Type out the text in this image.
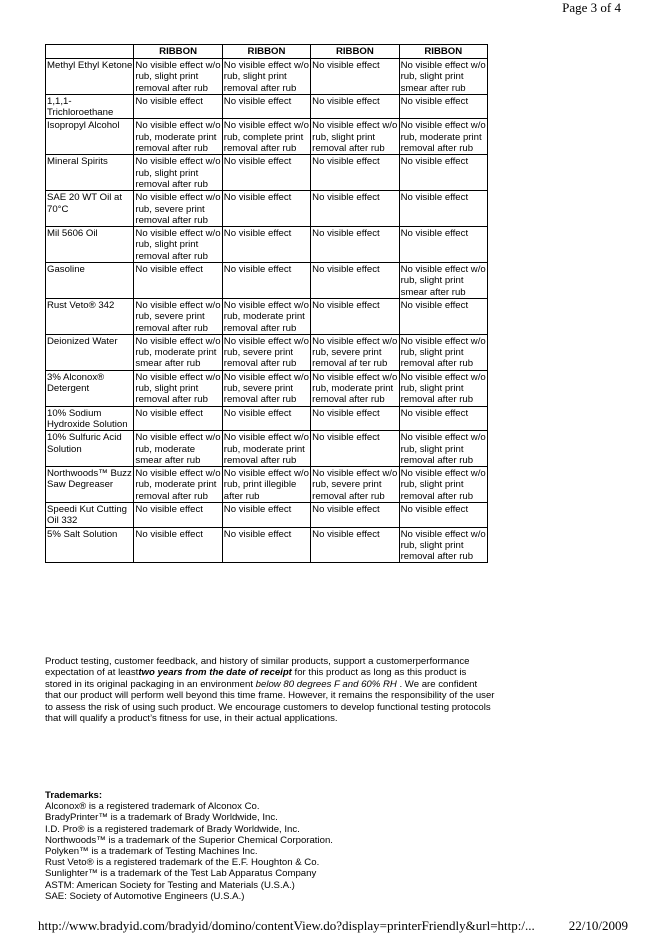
Page 3 of 4
	RIBBON	RIBBON	RIBBON	RIBBON
Methyl Ethyl Ketone	No visible effect w/o rub, slight print removal after rub	No visible effect w/o rub, slight print removal after rub	No visible effect	No visible effect w/o rub, slight print smear after rub
1,1,1-Trichloroethane	No visible effect	No visible effect	No visible effect	No visible effect
Isopropyl Alcohol	No visible effect w/o rub, moderate print removal after rub	No visible effect w/o rub, complete print removal after rub	No visible effect w/o rub, slight print removal after rub	No visible effect w/o rub, moderate print removal after rub
Mineral Spirits	No visible effect w/o rub, slight print removal after rub	No visible effect	No visible effect	No visible effect
SAE 20 WT Oil at 70°C	No visible effect w/o rub, severe print removal after rub	No visible effect	No visible effect	No visible effect
Mil 5606 Oil	No visible effect w/o rub, slight print removal after rub	No visible effect	No visible effect	No visible effect
Gasoline	No visible effect	No visible effect	No visible effect	No visible effect w/o rub, slight print smear after rub
Rust Veto® 342	No visible effect w/o rub, severe print removal after rub	No visible effect w/o rub, moderate print removal after rub	No visible effect	No visible effect
Deionized Water	No visible effect w/o rub, moderate print smear after rub	No visible effect w/o rub, severe print removal after rub	No visible effect w/o rub, severe print removal af ter rub	No visible effect w/o rub, slight print removal after rub
3% Alconox® Detergent	No visible effect w/o rub, slight print removal after rub	No visible effect w/o rub, severe print removal after rub	No visible effect w/o rub, moderate print removal after rub	No visible effect w/o rub, slight print removal after rub
10% Sodium Hydroxide Solution	No visible effect	No visible effect	No visible effect	No visible effect
10% Sulfuric Acid Solution	No visible effect w/o rub, moderate smear after rub	No visible effect w/o rub, moderate print removal after rub	No visible effect	No visible effect w/o rub, slight print removal after rub
Northwoods™ Buzz Saw Degreaser	No visible effect w/o rub, moderate print removal after rub	No visible effect w/o rub, print illegible after rub	No visible effect w/o rub, severe print removal after rub	No visible effect w/o rub, slight print removal after rub
Speedi Kut Cutting Oil 332	No visible effect	No visible effect	No visible effect	No visible effect
5% Salt Solution	No visible effect	No visible effect	No visible effect	No visible effect w/o rub, slight print removal after rub
Product testing, customer feedback, and history of similar products, support a customerperformance expectation of at leasttwo years from the date of receipt for this product as long as this product is stored in its original packaging in an environment below 80 degrees F and 60% RH . We are confident that our product will perform well beyond this time frame. However, it remains the responsibility of the user to assess the risk of using such product. We encourage customers to develop functional testing protocols that will qualify a product’s fitness for use, in their actual applications.
Trademarks:
Alconox® is a registered trademark of Alconox Co.
BradyPrinter™ is a trademark of Brady Worldwide, Inc.
I.D. Pro® is a registered trademark of Brady Worldwide, Inc.
Northwoods™ is a trademark of the Superior Chemical Corporation.
Polyken™ is a trademark of Testing Machines Inc.
Rust Veto® is a registered trademark of the E.F. Houghton & Co.
Sunlighter™ is a trademark of the Test Lab Apparatus Company
ASTM: American Society for Testing and Materials (U.S.A.)
SAE: Society of Automotive Engineers (U.S.A.)
http://www.bradyid.com/bradyid/domino/contentView.do?display=printerFriendly&url=http:/...	22/10/2009
